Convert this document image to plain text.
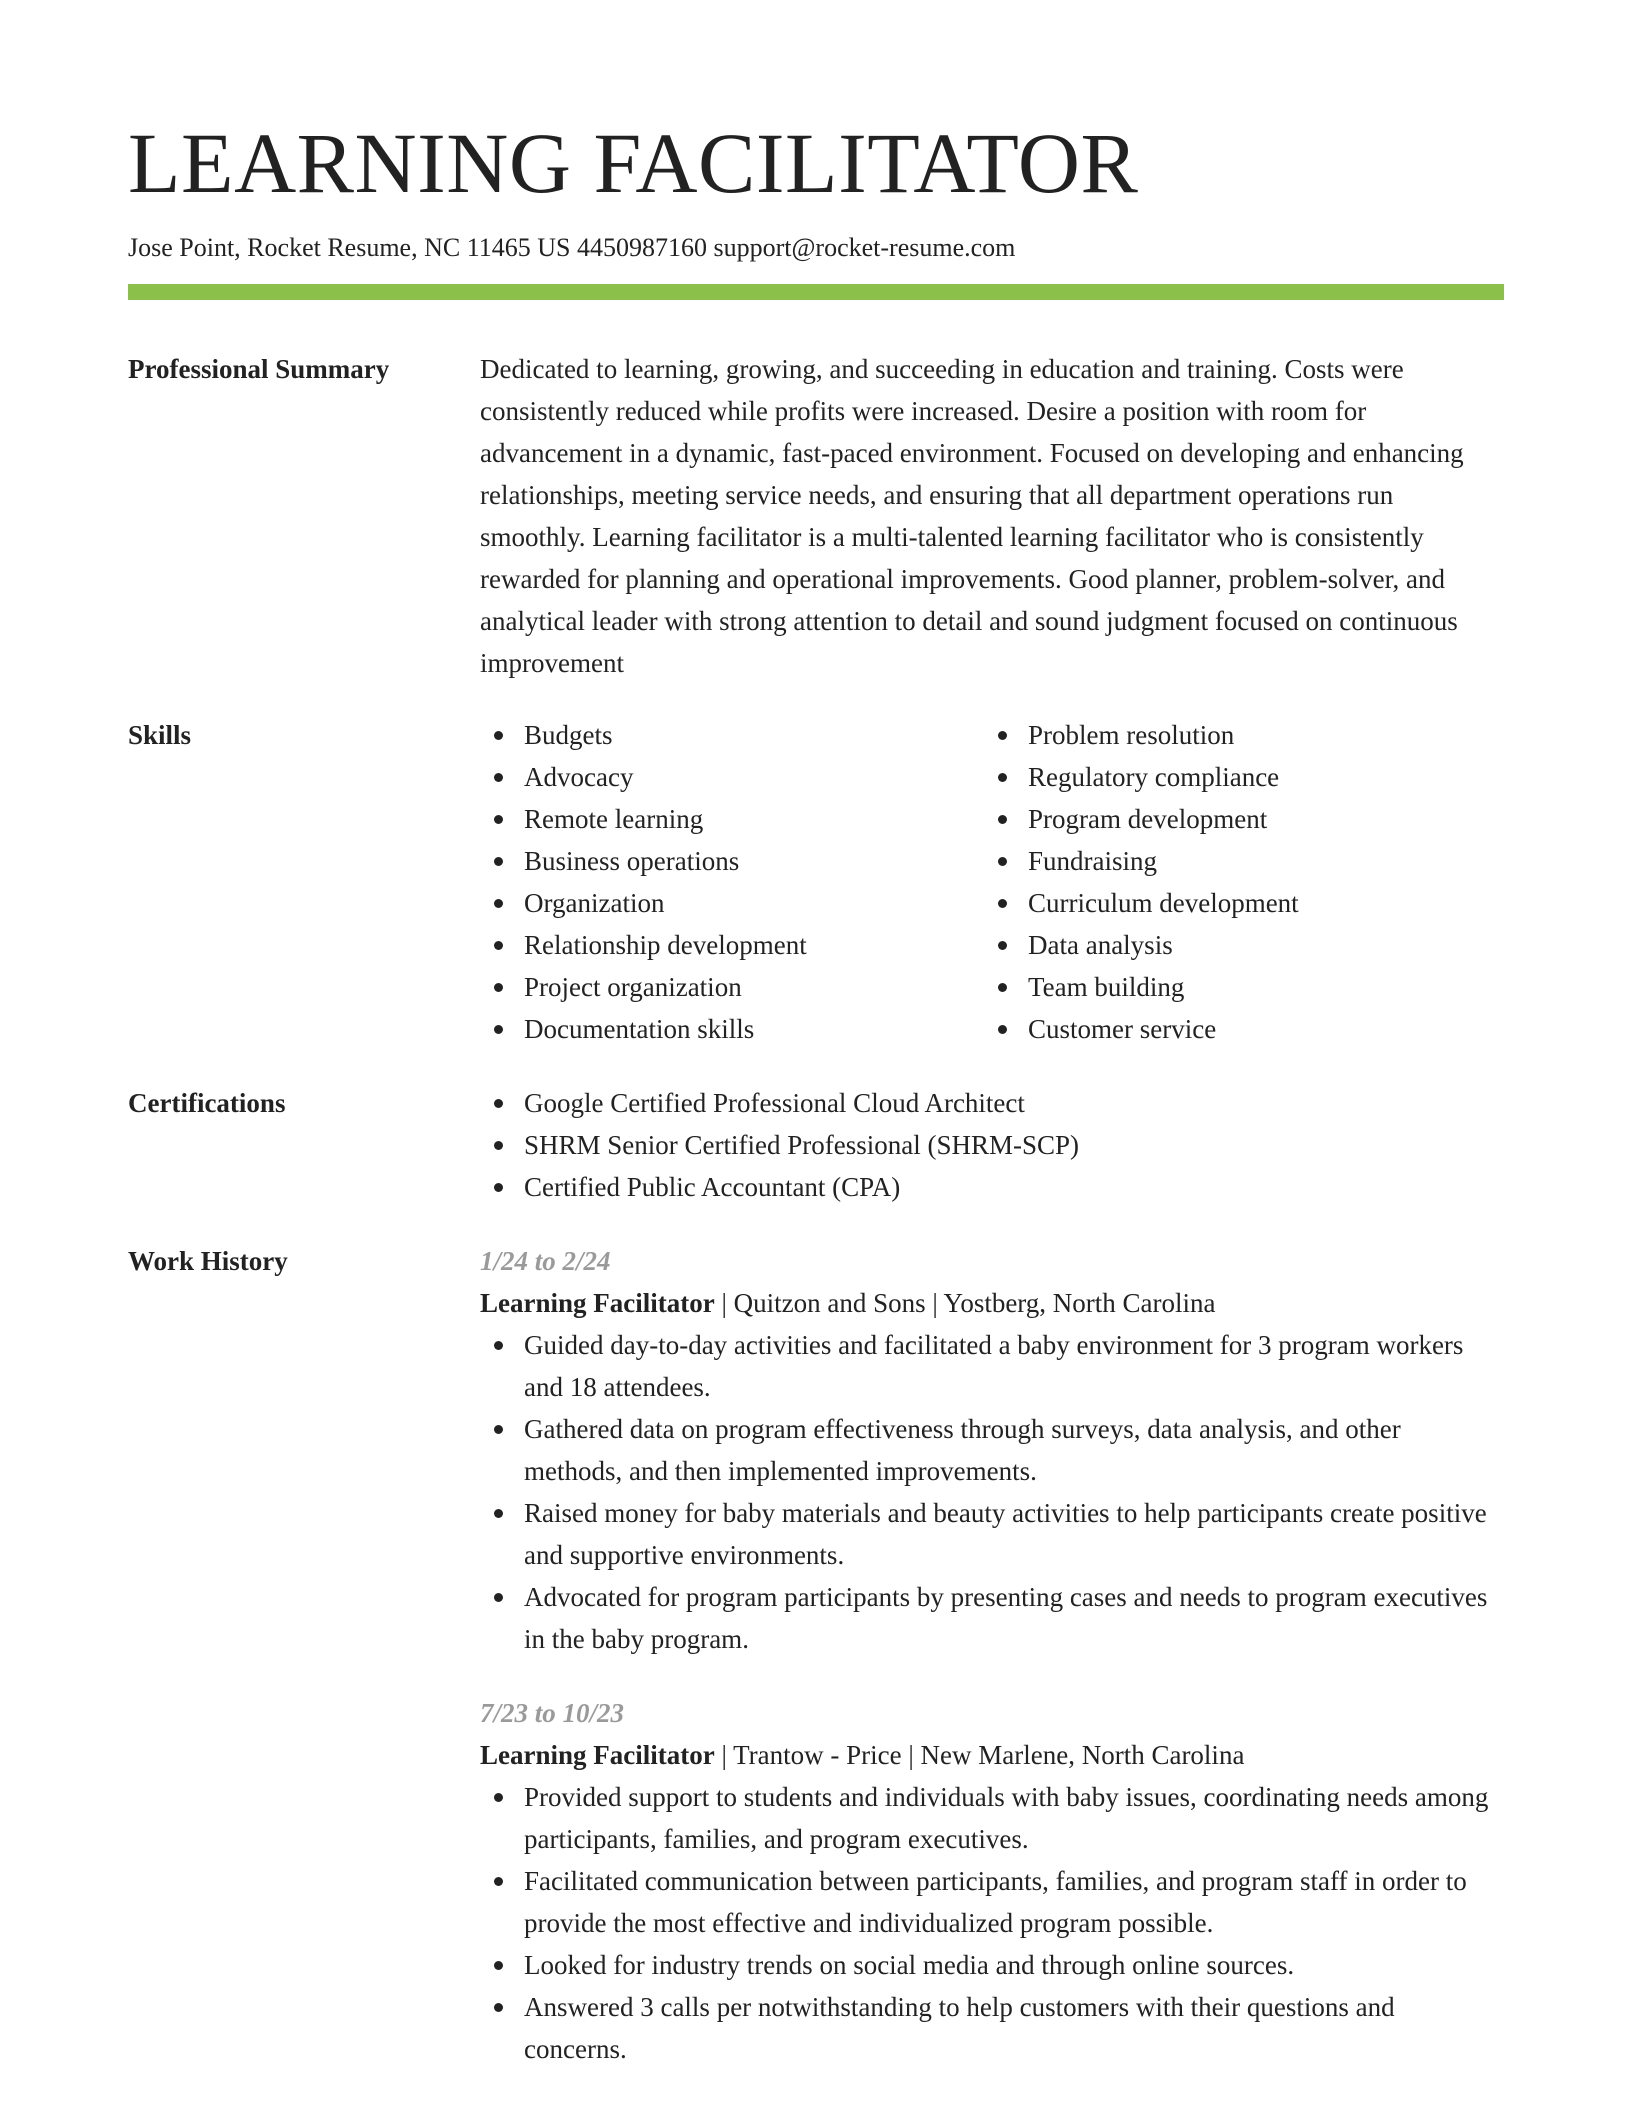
LEARNING FACILITATOR
Jose Point, Rocket Resume, NC 11465 US 4450987160 support@rocket-resume.com
Professional Summary	Dedicated to learning, growing, and succeeding in education and training. Costs were consistently reduced while profits were increased. Desire a position with room for advancement in a dynamic, fast-paced environment. Focused on developing and enhancing relationships, meeting service needs, and ensuring that all department operations run smoothly. Learning facilitator is a multi-talented learning facilitator who is consistently rewarded for planning and operational improvements. Good planner, problem-solver, and analytical leader with strong attention to detail and sound judgment focused on continuous improvement

Skills	Budgets
Advocacy
Remote learning
Business operations
Organization
Relationship development
Project organization
Documentation skills
Problem resolution
Regulatory compliance
Program development
Fundraising
Curriculum development
Data analysis
Team building
Customer service
Certifications	Google Certified Professional Cloud Architect
SHRM Senior Certified Professional (SHRM-SCP)
Certified Public Accountant (CPA)
Work History	1/24 to 2/24
Learning Facilitator | Quitzon and Sons | Yostberg, North Carolina
Guided day-to-day activities and facilitated a baby environment for 3 program workers and 18 attendees.
Gathered data on program effectiveness through surveys, data analysis, and other methods, and then implemented improvements.
Raised money for baby materials and beauty activities to help participants create positive and supportive environments.
Advocated for program participants by presenting cases and needs to program executives in the baby program.
7/23 to 10/23
Learning Facilitator | Trantow - Price | New Marlene, North Carolina
Provided support to students and individuals with baby issues, coordinating needs among participants, families, and program executives.
Facilitated communication between participants, families, and program staff in order to provide the most effective and individualized program possible.
Looked for industry trends on social media and through online sources.
Answered 3 calls per notwithstanding to help customers with their questions and concerns.
